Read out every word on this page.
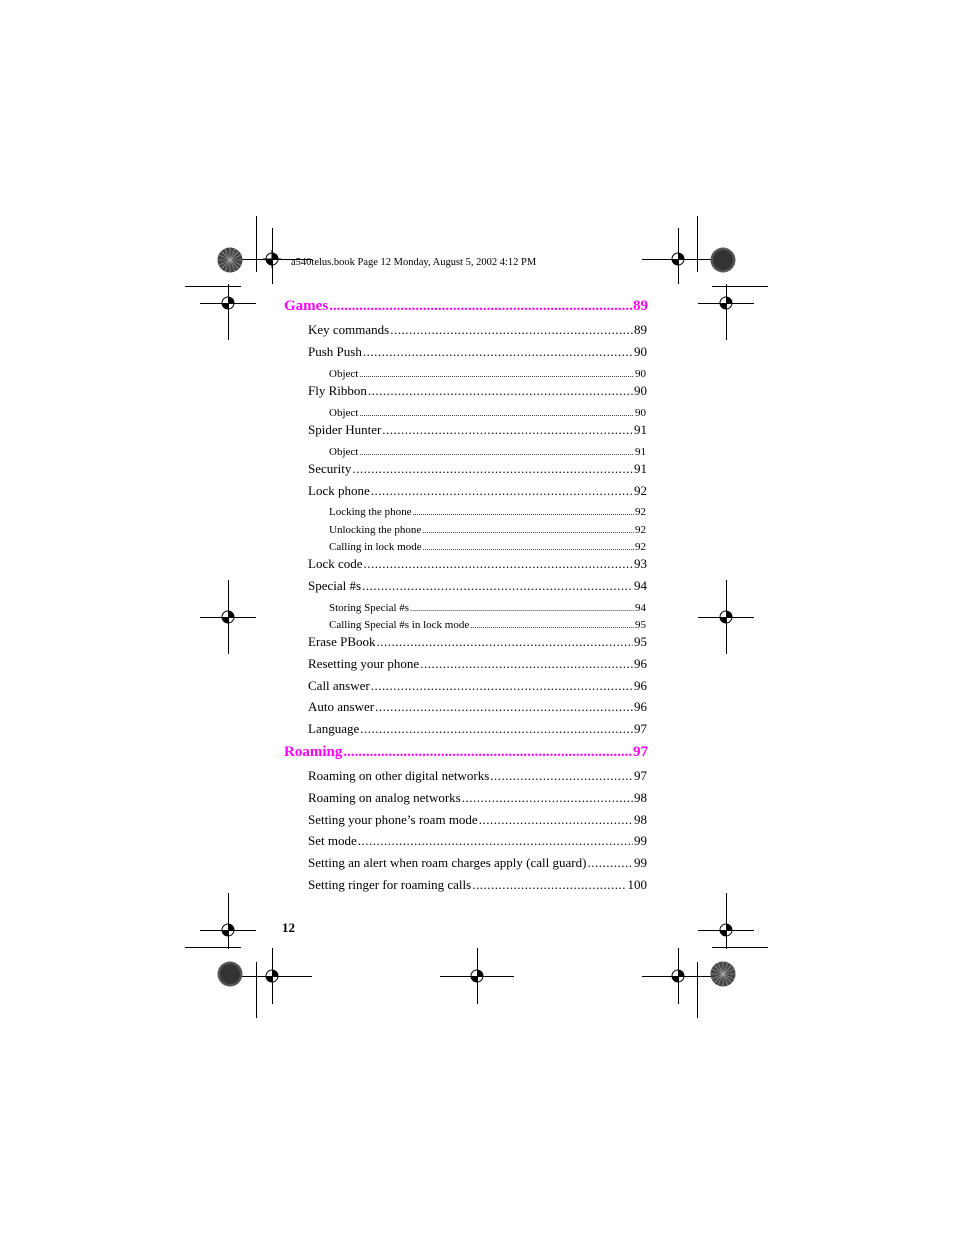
a540telus.book Page 12 Monday, August 5, 2002 4:12 PM
Games .....	89
Key commands .....	89
Push Push .....	90
Object .....	90
Fly Ribbon .....	90
Object .....	90
Spider Hunter .....	91
Object .....	91
Security .....	91
Lock phone .....	92
Locking the phone .....	92
Unlocking the phone .....	92
Calling in lock mode .....	92
Lock code .....	93
Special #s .....	94
Storing Special #s .....	94
Calling Special #s in lock mode .....	95
Erase PBook .....	95
Resetting your phone .....	96
Call answer .....	96
Auto answer .....	96
Language .....	97
Roaming .....	97
Roaming on other digital networks .....	97
Roaming on analog networks .....	98
Setting your phone’s roam mode .....	98
Set mode .....	99
Setting an alert when roam charges apply (call guard) .....	99
Setting ringer for roaming calls .....	100
12
